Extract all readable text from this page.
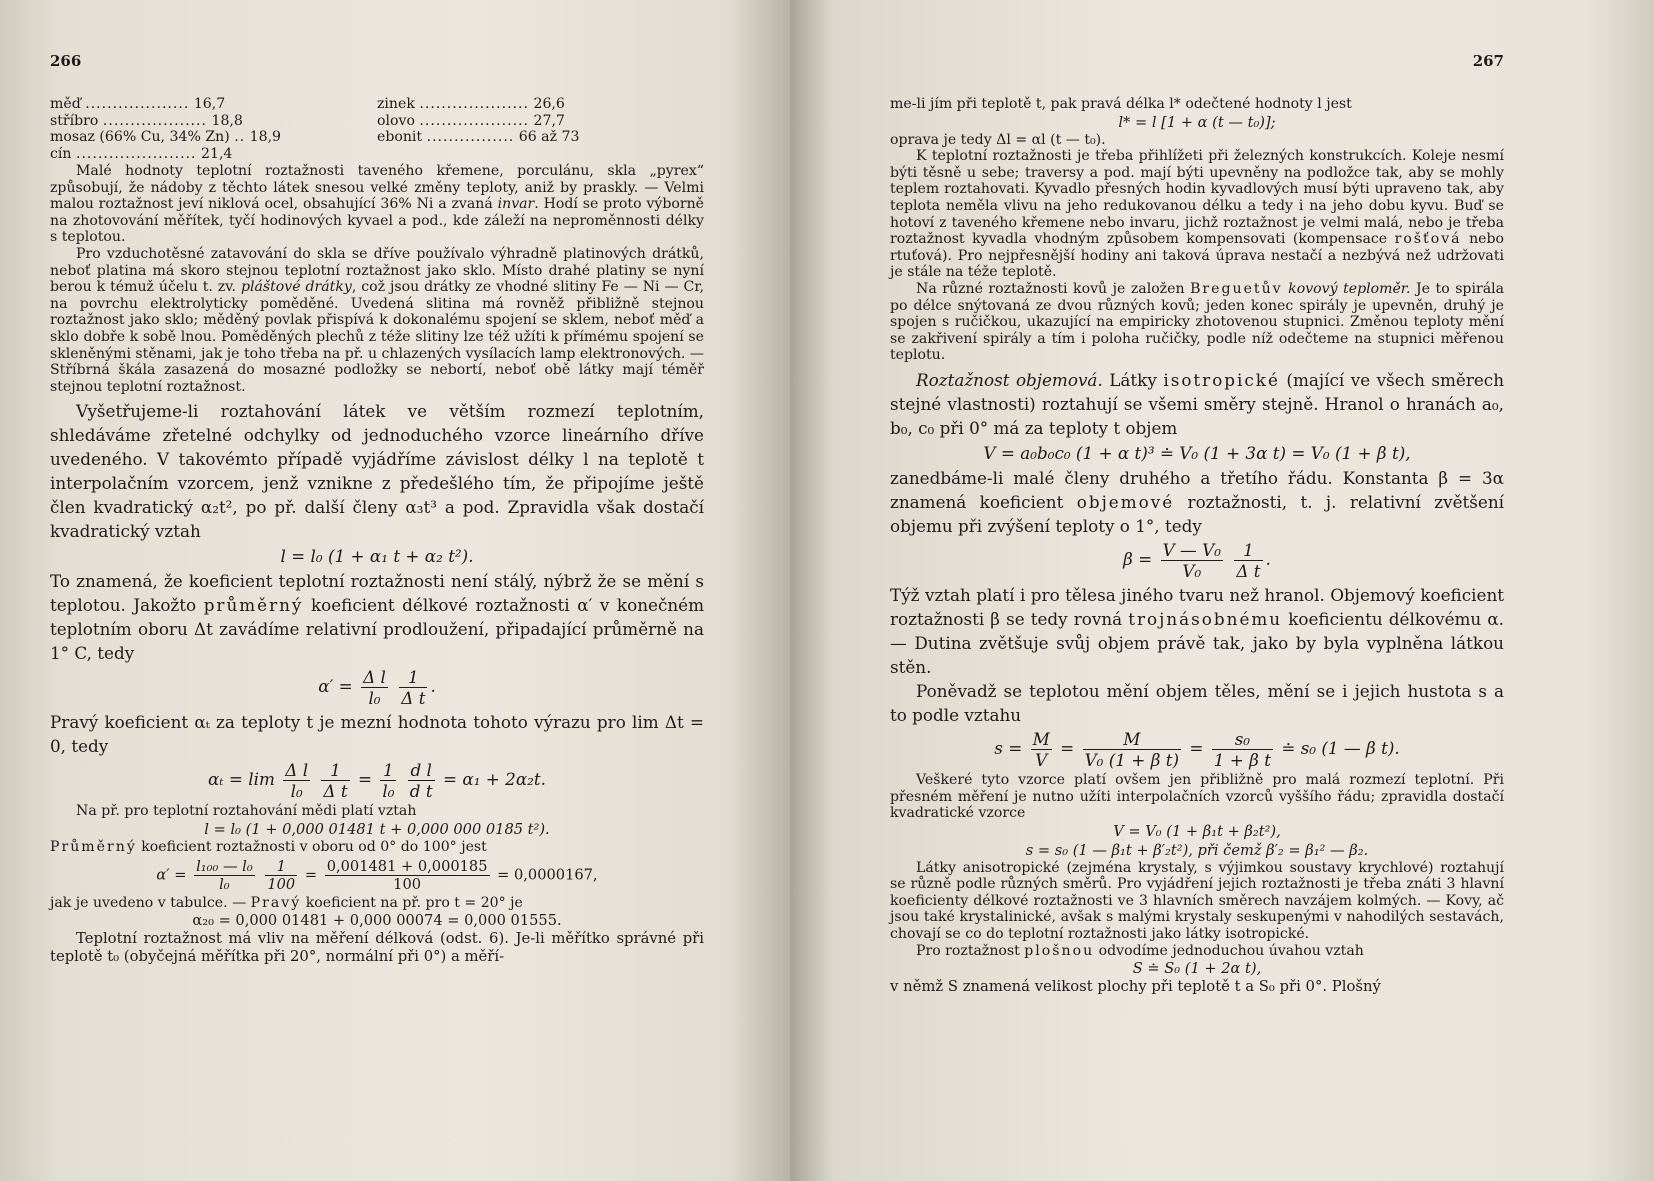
266
měď ................... 16,7
stříbro ................... 18,8
mosaz (66% Cu, 34% Zn) .. 18,9
cín ...................... 21,4
zinek .................... 26,6
olovo .................... 27,7
ebonit ................ 66 až 73

Malé hodnoty teplotní roztažnosti taveného křemene, porculánu, skla „pyrex“ způsobují, že nádoby z těchto látek snesou velké změny teploty, aniž by praskly. — Velmi malou roztažnost jeví niklová ocel, obsahující 36% Ni a zvaná invar. Hodí se proto výborně na zhotovování měřítek, tyčí hodinových kyvael a pod., kde záleží na neproměnnosti délky s teplotou.

Pro vzduchotěsné zatavování do skla se dříve používalo výhradně platinových drátků, neboť platina má skoro stejnou teplotní roztažnost jako sklo. Místo drahé platiny se nyní berou k témuž účelu t. zv. pláštové drátky, což jsou drátky ze vhodné slitiny Fe — Ni — Cr, na povrchu elektrolyticky poměděné. Uvedená slitina má rovněž přibližně stejnou roztažnost jako sklo; měděný povlak přispívá k dokonalému spojení se sklem, neboť měď a sklo dobře k sobě lnou. Poměděných plechů z téže slitiny lze též užíti k přímému spojení se skleněnými stěnami, jak je toho třeba na př. u chlazených vysílacích lamp elektronových. — Stříbrná škála zasazená do mosazné podložky se nebortí, neboť obě látky mají téměř stejnou teplotní roztažnost.

Vyšetřujeme-li roztahování látek ve větším rozmezí teplotním, shledáváme zřetelné odchylky od jednoduchého vzorce lineárního dříve uvedeného. V takovémto případě vyjádříme závislost délky l na teplotě t interpolačním vzorcem, jenž vznikne z předešlého tím, že připojíme ještě člen kvadratický α₂t², po př. další členy α₃t³ a pod. Zpravidla však dostačí kvadratický vztah

l = l₀ (1 + α₁ t + α₂ t²).

To znamená, že koeficient teplotní roztažnosti není stálý, nýbrž že se mění s teplotou. Jakožto průměrný koeficient délkové roztažnosti α′ v konečném teplotním oboru Δt zavádíme relativní prodloužení, připadající průměrně na 1° C, tedy

$\alpha' = \frac{\text{Δ l}}{\text{l₀}}$
$\frac{1}{\text{Δ t}}$ .

Pravý koeficient αₜ za teploty t je mezní hodnota tohoto výrazu pro lim Δt = 0, tedy

$\alpha_t = \lim \frac{\text{Δ l}}{\text{l₀}}$
$\frac{1}{\text{Δ t}} = \frac{1}{\text{l₀}}$
$\frac{\text{d l}}{\text{d t}} = \alpha_1 + 2\alpha_2t$.

Na př. pro teplotní roztahování mědi platí vztah

l = l₀ (1 + 0,000 01481 t + 0,000 000 0185 t²).

Průměrný koeficient roztažnosti v oboru od 0° do 100° jest

$\alpha' = \frac{\text{l₁₀₀ — l₀}}{\text{l₀}}$
$\frac{1}{100} = \frac{0,001481 + 0,000185}{100} = 0,0000167$,

jak je uvedeno v tabulce. — Pravý koeficient na př. pro t = 20° je

α₂₀ = 0,000 01481 + 0,000 00074 = 0,000 01555.

Teplotní roztažnost má vliv na měření délková (odst. 6). Je-li měřítko správné při teplotě t₀ (obyčejná měřítka při 20°, normální při 0°) a měří-

267

me-li jím při teplotě t, pak pravá délka l* odečtené hodnoty l jest

l* = l [1 + α (t — t₀)];

oprava je tedy Δl = αl (t — t₀).

K teplotní roztažnosti je třeba přihlížeti při železných konstrukcích. Koleje nesmí býti těsně u sebe; traversy a pod. mají býti upevněny na podložce tak, aby se mohly teplem roztahovati. Kyvadlo přesných hodin kyvadlových musí býti upraveno tak, aby teplota neměla vlivu na jeho redukovanou délku a tedy i na jeho dobu kyvu. Buď se hotoví z taveného křemene nebo invaru, jichž roztažnost je velmi malá, nebo je třeba roztažnost kyvadla vhodným způsobem kompensovati (kompensace rošťová nebo rtuťová). Pro nejpřesnější hodiny ani taková úprava nestačí a nezbývá než udržovati je stále na téže teplotě.

Na různé roztažnosti kovů je založen Breguetův kovový teploměr. Je to spirála po délce snýtovaná ze dvou různých kovů; jeden konec spirály je upevněn, druhý je spojen s ručičkou, ukazující na empiricky zhotovenou stupnici. Změnou teploty mění se zakřivení spirály a tím i poloha ručičky, podle níž odečteme na stupnici měřenou teplotu.

Roztažnost objemová. Látky isotropické (mající ve všech směrech stejné vlastnosti) roztahují se všemi směry stejně. Hranol o hranách a₀, b₀, c₀ při 0° má za teploty t objem

V = a₀b₀c₀ (1 + α t)³ ≐ V₀ (1 + 3α t) = V₀ (1 + β t),

zanedbáme-li malé členy druhého a třetího řádu. Konstanta β = 3α znamená koeficient objemové roztažnosti, t. j. relativní zvětšení objemu při zvýšení teploty o 1°, tedy

$\beta = \frac{\text{V — V₀}}{\text{V₀}}$
$\frac{1}{\text{Δ t}}$ .

Týž vztah platí i pro tělesa jiného tvaru než hranol. Objemový koeficient roztažnosti β se tedy rovná trojnásobnému koeficientu délkovému α. — Dutina zvětšuje svůj objem právě tak, jako by byla vyplněna látkou stěn.

Poněvadž se teplotou mění objem těles, mění se i jejich hustota s a to podle vztahu

$s = \frac{M}{V} = \frac{M}{\text{V₀ (1 + β t)}} = \frac{\text{s₀}}{\text{1 + β t}}$ ≐ s₀ (1 — β t).

Veškeré tyto vzorce platí ovšem jen přibližně pro malá rozmezí teplotní. Při přesném měření je nutno užíti interpolačních vzorců vyššího řádu; zpravidla dostačí kvadratické vzorce

V = V₀ (1 + β₁t + β₂t²),
s = s₀ (1 — β₁t + β′₂t²), při čemž β′₂ = β₁² — β₂.

Látky anisotropické (zejména krystaly, s výjimkou soustavy krychlové) roztahují se různě podle různých směrů. Pro vyjádření jejich roztažnosti je třeba znáti 3 hlavní koeficienty délkové roztažnosti ve 3 hlavních směrech navzájem kolmých. — Kovy, ač jsou také krystalinické, avšak s malými krystaly seskupenými v nahodilých sestavách, chovají se co do teplotní roztažnosti jako látky isotropické.

Pro roztažnost plošnou odvodíme jednoduchou úvahou vztah

S ≐ S₀ (1 + 2α t),

v němž S znamená velikost plochy při teplotě t a S₀ při 0°. Plošný
